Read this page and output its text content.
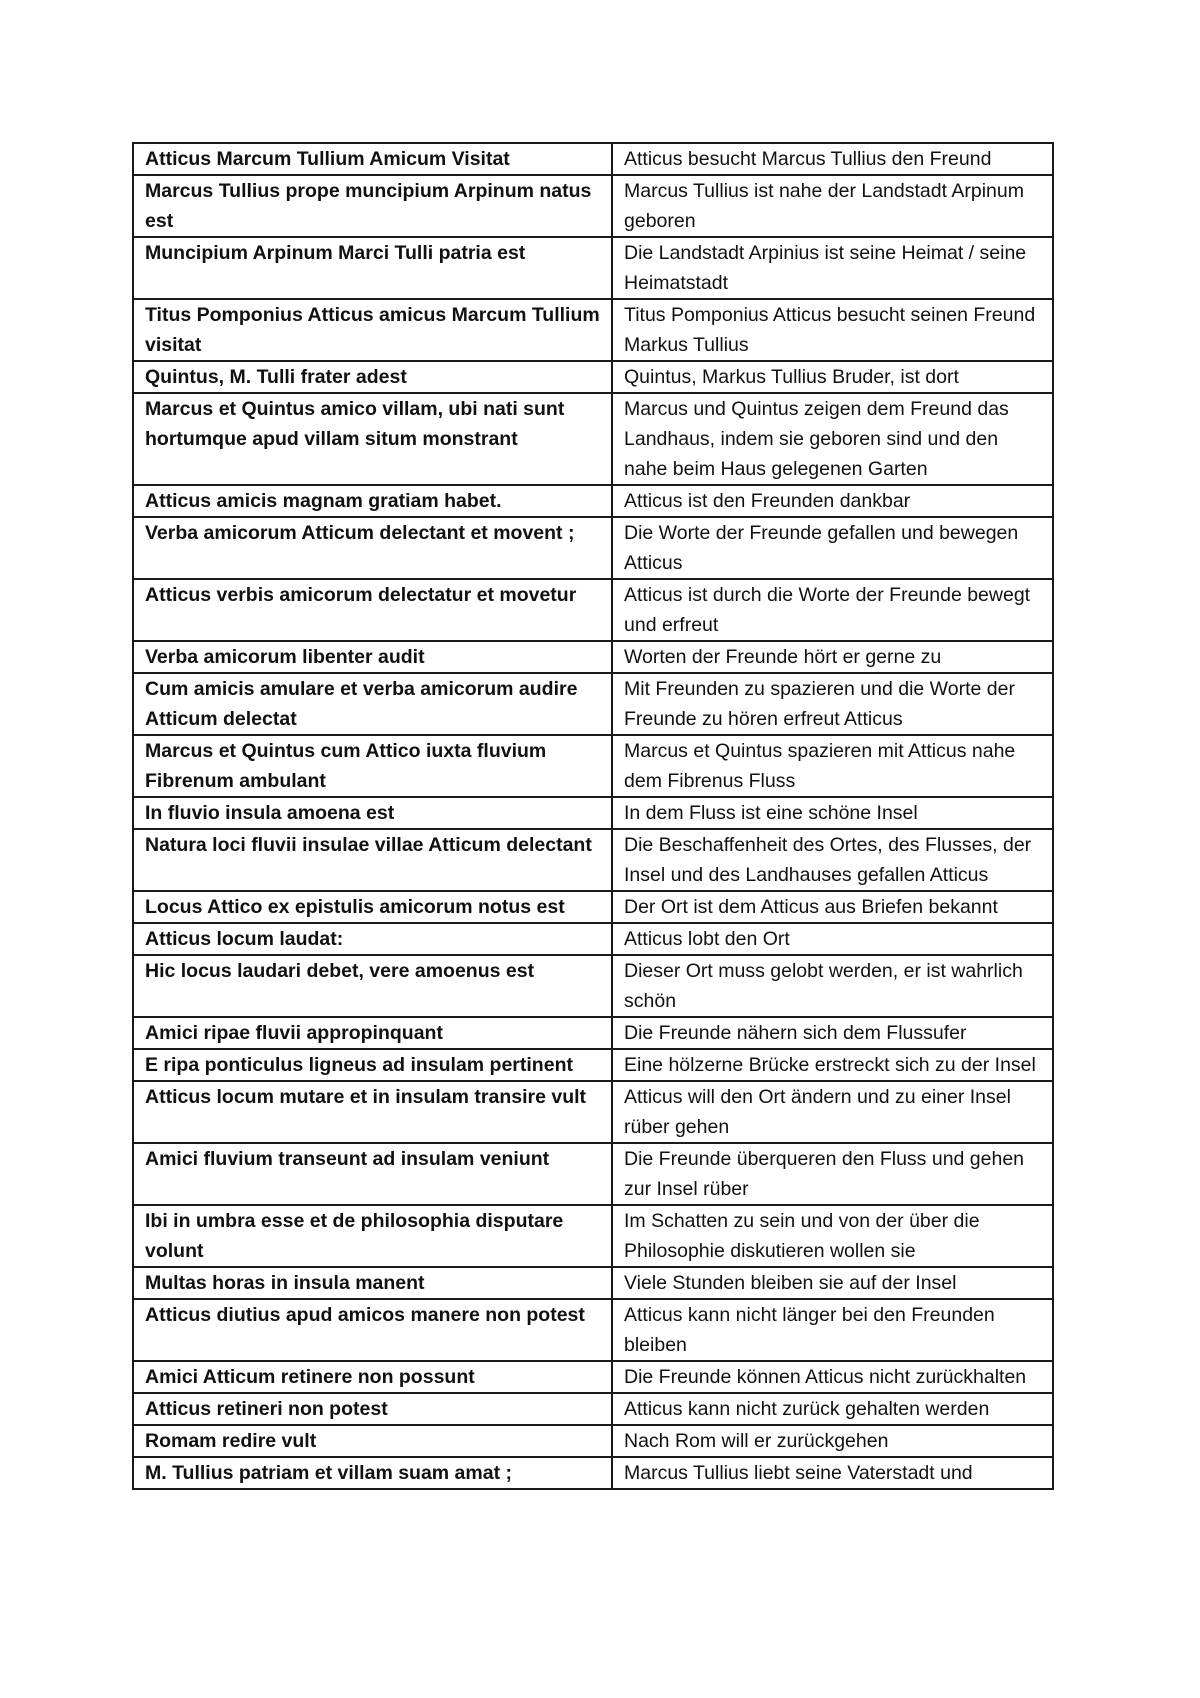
Atticus Marcum Tullium Amicum Visitat	Atticus besucht Marcus Tullius den Freund
Marcus Tullius prope muncipium Arpinum natus est	Marcus Tullius ist nahe der Landstadt Arpinum geboren
Muncipium Arpinum Marci Tulli patria est	Die Landstadt Arpinius ist seine Heimat / seine Heimatstadt
Titus Pomponius Atticus amicus Marcum Tullium visitat	Titus Pomponius Atticus besucht seinen Freund Markus Tullius
Quintus, M. Tulli frater adest	Quintus, Markus Tullius Bruder, ist dort
Marcus et Quintus amico villam, ubi nati sunt hortumque apud villam situm monstrant	Marcus und Quintus zeigen dem Freund das Landhaus, indem sie geboren sind und den nahe beim Haus gelegenen Garten
Atticus amicis magnam gratiam habet.	Atticus ist den Freunden dankbar
Verba amicorum Atticum delectant et movent ;	Die Worte der Freunde gefallen und bewegen Atticus
Atticus verbis amicorum delectatur et movetur	Atticus ist durch die Worte der Freunde bewegt und erfreut
Verba amicorum libenter audit	Worten der Freunde hört er gerne zu
Cum amicis amulare et verba amicorum audire Atticum delectat	Mit Freunden zu spazieren und die Worte der Freunde zu hören erfreut Atticus
Marcus et Quintus cum Attico iuxta fluvium Fibrenum ambulant	Marcus et Quintus spazieren mit Atticus nahe dem Fibrenus Fluss
In fluvio insula amoena est	In dem Fluss ist eine schöne Insel
Natura loci fluvii insulae villae Atticum delectant	Die Beschaffenheit des Ortes, des Flusses, der Insel und des Landhauses gefallen Atticus
Locus Attico ex epistulis amicorum notus est	Der Ort ist dem Atticus aus Briefen bekannt
Atticus locum laudat:	Atticus lobt den Ort
Hic locus laudari debet, vere amoenus est	Dieser Ort muss gelobt werden, er ist wahrlich schön
Amici ripae fluvii appropinquant	Die Freunde nähern sich dem Flussufer
E ripa ponticulus ligneus ad insulam pertinent	Eine hölzerne Brücke erstreckt sich zu der Insel
Atticus locum mutare et in insulam transire vult	Atticus will den Ort ändern und zu einer Insel rüber gehen
Amici fluvium transeunt ad insulam veniunt	Die Freunde überqueren den Fluss und gehen zur Insel rüber
Ibi in umbra esse et de philosophia disputare volunt	Im Schatten zu sein und von der über die Philosophie diskutieren wollen sie
Multas horas in insula manent	Viele Stunden bleiben sie auf der Insel
Atticus diutius apud amicos manere non potest	Atticus kann nicht länger bei den Freunden bleiben
Amici Atticum retinere non possunt	Die Freunde können Atticus nicht zurückhalten
Atticus retineri non potest	Atticus kann nicht zurück gehalten werden
Romam redire vult	Nach Rom will er zurückgehen
M. Tullius patriam et villam suam amat ;	Marcus Tullius liebt seine Vaterstadt und
